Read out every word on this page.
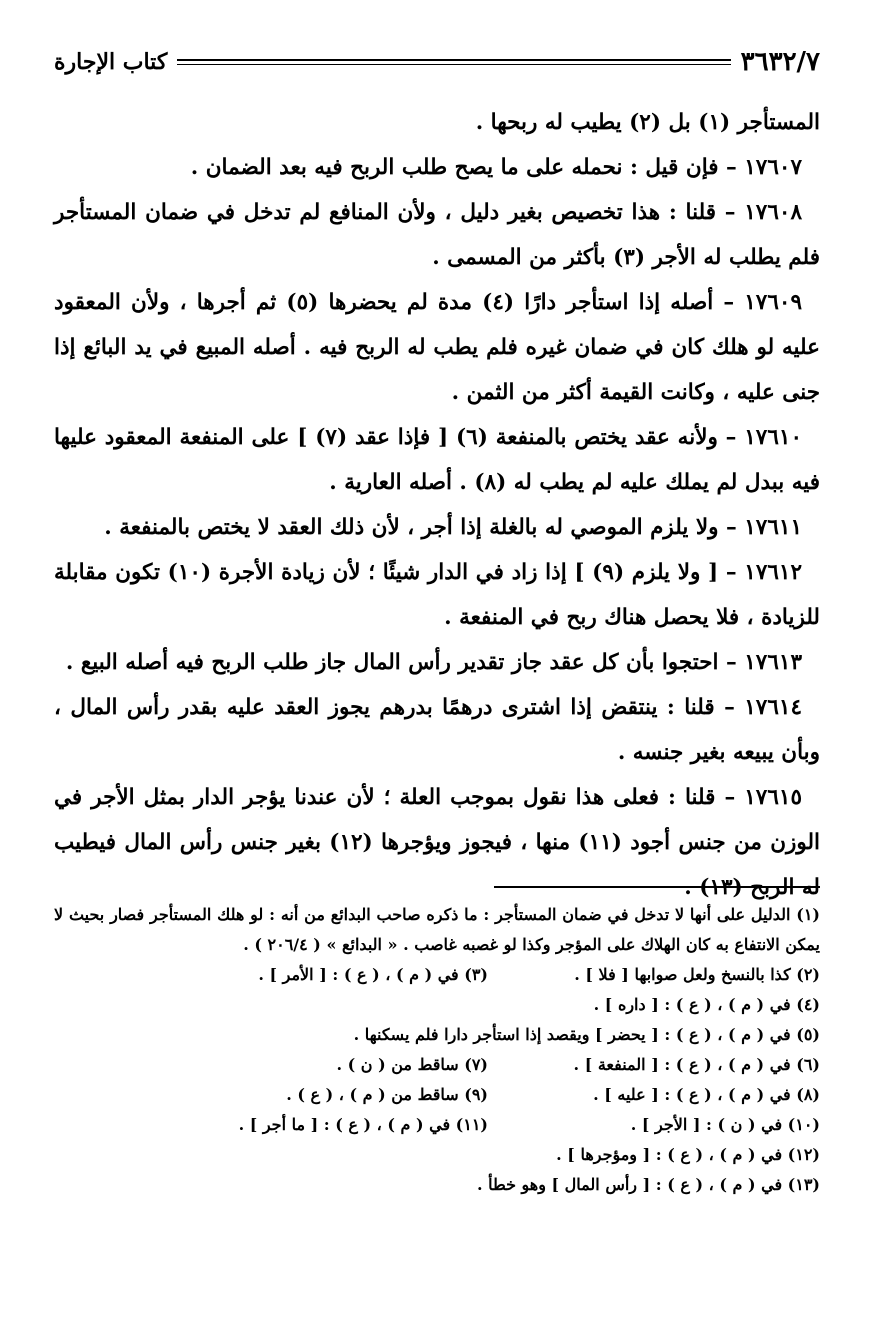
٣٦٣٢/٧
كتاب الإجارة

المستأجر (١) بل (٢) يطيب له ربحها .

١٧٦٠٧ – فإن قيل : نحمله على ما يصح طلب الربح فيه بعد الضمان .

١٧٦٠٨ – قلنا : هذا تخصيص بغير دليل ، ولأن المنافع لم تدخل في ضمان المستأجر فلم يطلب له الأجر (٣) بأكثر من المسمى .

١٧٦٠٩ – أصله إذا استأجر دارًا (٤) مدة لم يحضرها (٥) ثم أجرها ، ولأن المعقود عليه لو هلك كان في ضمان غيره فلم يطب له الربح فيه . أصله المبيع في يد البائع إذا جنى عليه ، وكانت القيمة أكثر من الثمن .

١٧٦١٠ – ولأنه عقد يختص بالمنفعة (٦) [ فإذا عقد (٧) ] على المنفعة المعقود عليها فيه ببدل لم يملك عليه لم يطب له (٨) . أصله العارية .

١٧٦١١ – ولا يلزم الموصي له بالغلة إذا أجر ، لأن ذلك العقد لا يختص بالمنفعة .

١٧٦١٢ – [ ولا يلزم (٩) ] إذا زاد في الدار شيئًا ؛ لأن زيادة الأجرة (١٠) تكون مقابلة للزيادة ، فلا يحصل هناك ربح في المنفعة .

١٧٦١٣ – احتجوا بأن كل عقد جاز تقدير رأس المال جاز طلب الربح فيه أصله البيع .

١٧٦١٤ – قلنا : ينتقض إذا اشترى درهمًا بدرهم يجوز العقد عليه بقدر رأس المال ، وبأن يبيعه بغير جنسه .

١٧٦١٥ – قلنا : فعلى هذا نقول بموجب العلة ؛ لأن عندنا يؤجر الدار بمثل الأجر في الوزن من جنس أجود (١١) منها ، فيجوز ويؤجرها (١٢) بغير جنس رأس المال فيطيب له الربح (١٣) .

(١) الدليل على أنها لا تدخل في ضمان المستأجر : ما ذكره صاحب البدائع من أنه : لو هلك المستأجر فصار بحيث لا يمكن الانتفاع به كان الهلاك على المؤجر وكذا لو غصبه غاصب . « البدائع » ( ٢٠٦/٤ ) .

(٢) كذا بالنسخ ولعل صوابها [ فلا ] .
(٣) في ( م ) ، ( ع ) : [ الأمر ] .
(٤) في ( م ) ، ( ع ) : [ داره ] .
(٥) في ( م ) ، ( ع ) : [ يحضر ] ويقصد إذا استأجر دارا فلم يسكنها .
(٦) في ( م ) ، ( ع ) : [ المنفعة ] .
(٧) ساقط من ( ن ) .
(٨) في ( م ) ، ( ع ) : [ عليه ] .
(٩) ساقط من ( م ) ، ( ع ) .
(١٠) في ( ن ) : [ الأجر ] .
(١١) في ( م ) ، ( ع ) : [ ما أجر ] .
(١٢) في ( م ) ، ( ع ) : [ ومؤجرها ] .
(١٣) في ( م ) ، ( ع ) : [ رأس المال ] وهو خطأ .
